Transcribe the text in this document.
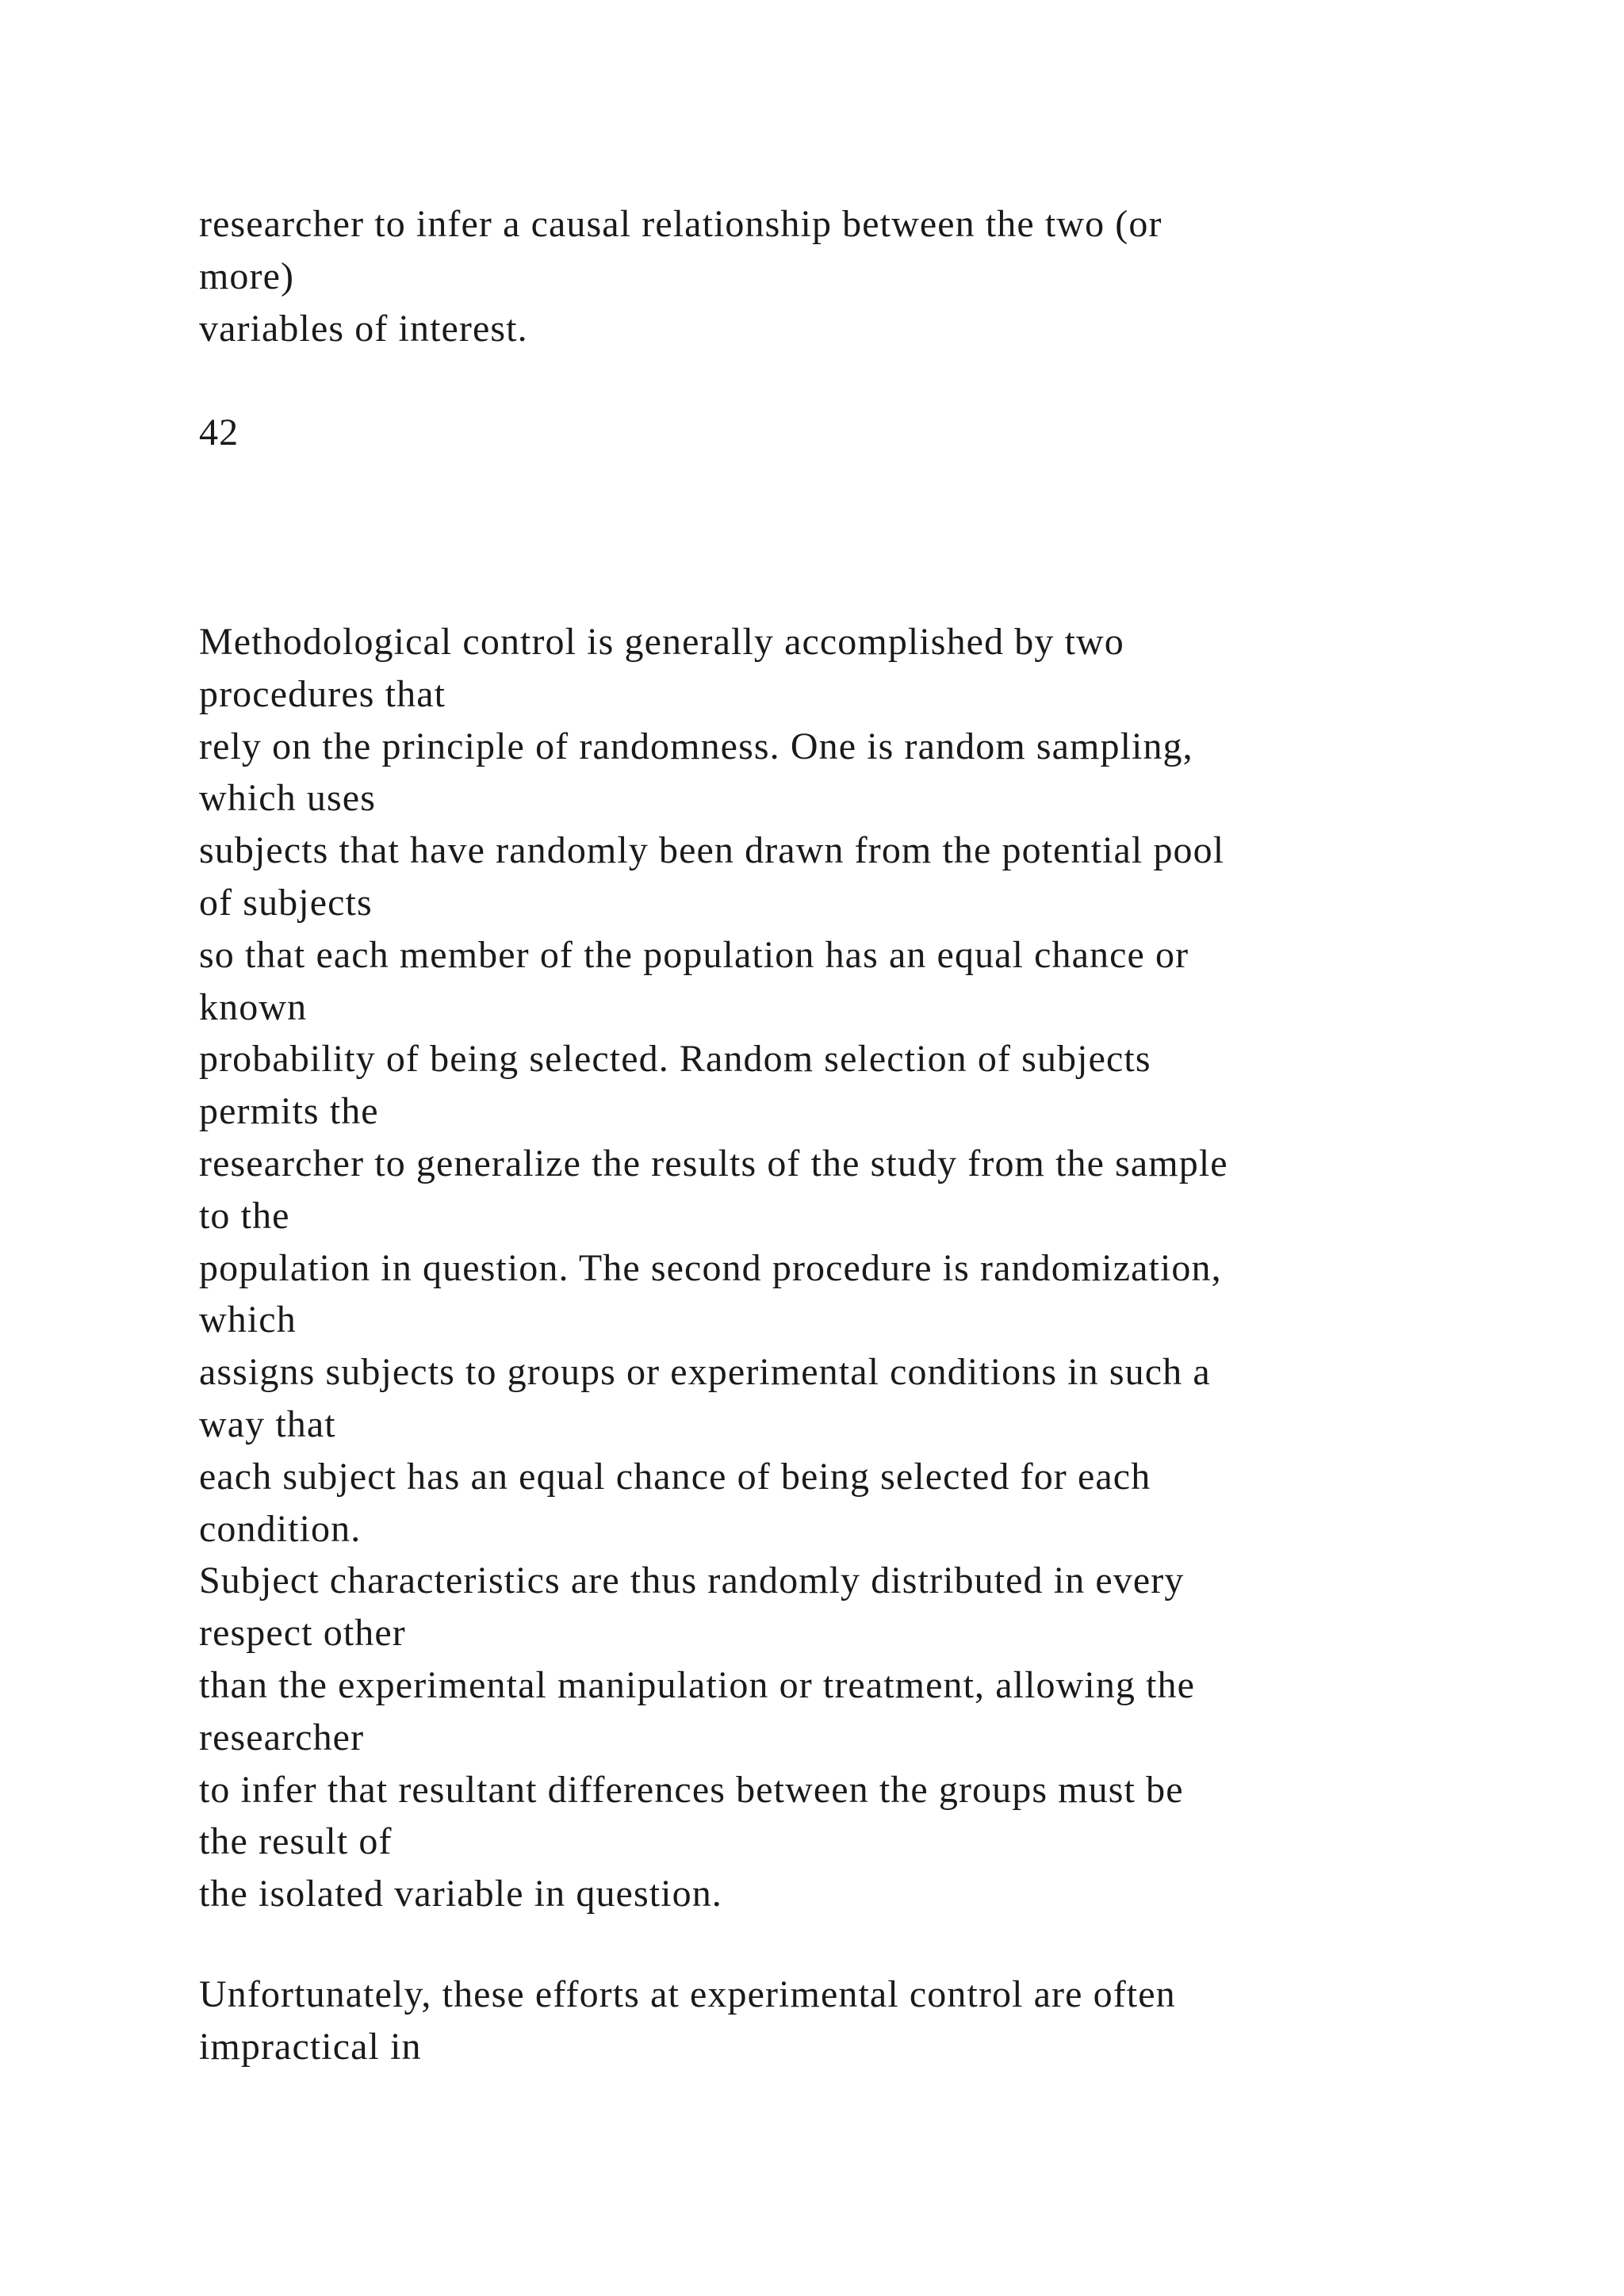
researcher to infer a causal relationship between the two (or
more)
variables of interest.
42
Methodological control is generally accomplished by two
procedures that
rely on the principle of randomness. One is random sampling,
which uses
subjects that have randomly been drawn from the potential pool
of subjects
so that each member of the population has an equal chance or
known
probability of being selected. Random selection of subjects
permits the
researcher to generalize the results of the study from the sample
to the
population in question. The second procedure is randomization,
which
assigns subjects to groups or experimental conditions in such a
way that
each subject has an equal chance of being selected for each
condition.
Subject characteristics are thus randomly distributed in every
respect other
than the experimental manipulation or treatment, allowing the
researcher
to infer that resultant differences between the groups must be
the result of
the isolated variable in question.
Unfortunately, these efforts at experimental control are often
impractical in
